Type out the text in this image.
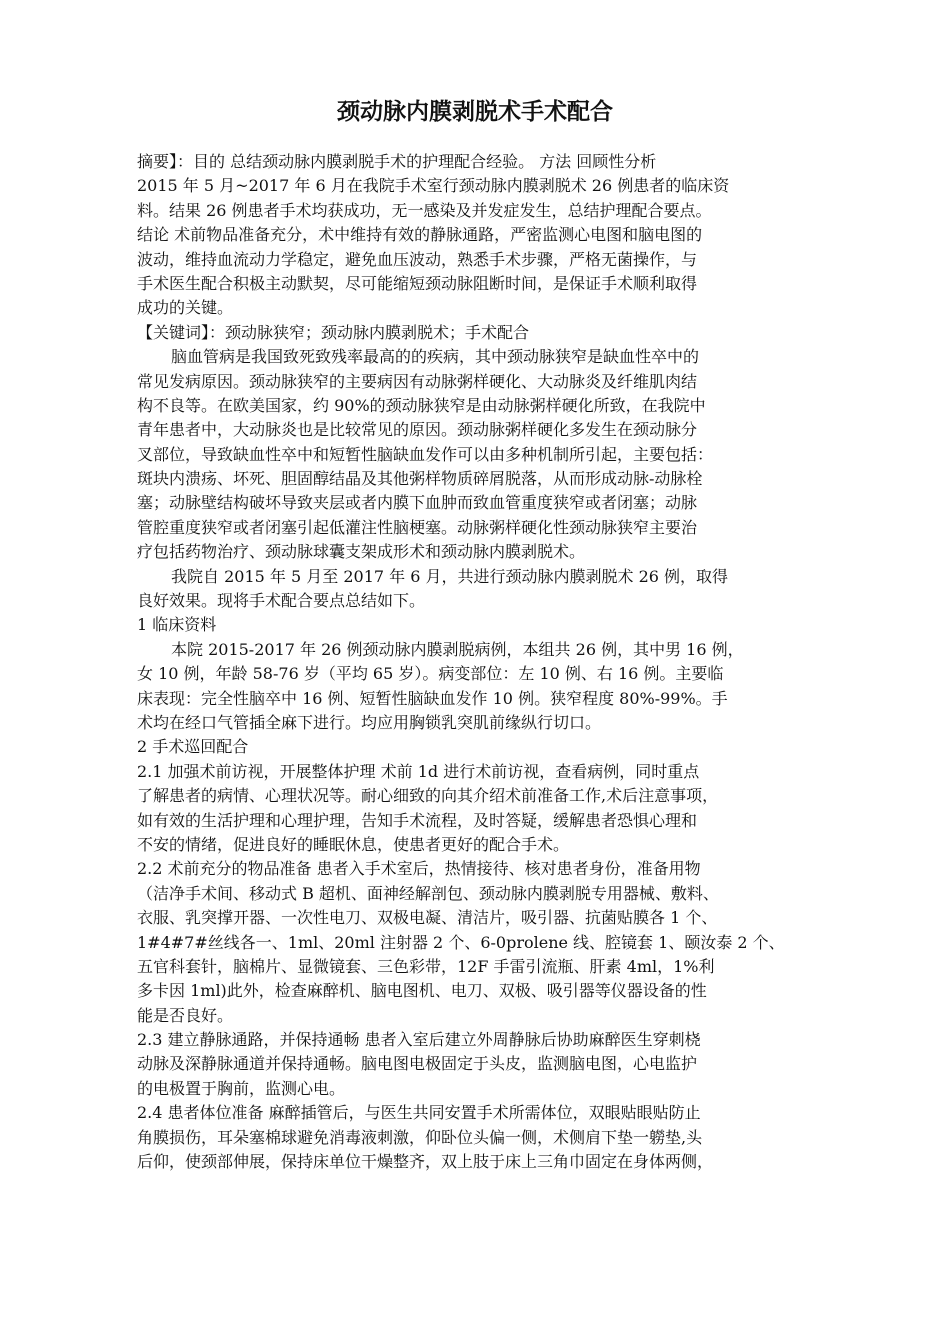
颈动脉内膜剥脱术手术配合
摘要】：目的 总结颈动脉内膜剥脱手术的护理配合经验。 方法 回顾性分析
2015 年 5 月~2017 年 6 月在我院手术室行颈动脉内膜剥脱术 26 例患者的临床资
料。结果 26 例患者手术均获成功，无一感染及并发症发生，总结护理配合要点。
结论 术前物品准备充分，术中维持有效的静脉通路，严密监测心电图和脑电图的
波动，维持血流动力学稳定，避免血压波动，熟悉手术步骤，严格无菌操作，与
手术医生配合积极主动默契，尽可能缩短颈动脉阻断时间，是保证手术顺利取得
成功的关键。
【关键词】：颈动脉狭窄；颈动脉内膜剥脱术；手术配合
脑血管病是我国致死致残率最高的的疾病，其中颈动脉狭窄是缺血性卒中的
常见发病原因。颈动脉狭窄的主要病因有动脉粥样硬化、大动脉炎及纤维肌肉结
构不良等。在欧美国家，约 90%的颈动脉狭窄是由动脉粥样硬化所致，在我院中
青年患者中，大动脉炎也是比较常见的原因。颈动脉粥样硬化多发生在颈动脉分
叉部位，导致缺血性卒中和短暂性脑缺血发作可以由多种机制所引起，主要包括：
斑块内溃疡、坏死、胆固醇结晶及其他粥样物质碎屑脱落，从而形成动脉-动脉栓
塞；动脉壁结构破坏导致夹层或者内膜下血肿而致血管重度狭窄或者闭塞；动脉
管腔重度狭窄或者闭塞引起低灌注性脑梗塞。动脉粥样硬化性颈动脉狭窄主要治
疗包括药物治疗、颈动脉球囊支架成形术和颈动脉内膜剥脱术。
我院自 2015 年 5 月至 2017 年 6 月，共进行颈动脉内膜剥脱术 26 例，取得
良好效果。现将手术配合要点总结如下。
1 临床资料
本院 2015-2017 年 26 例颈动脉内膜剥脱病例，本组共 26 例，其中男 16 例，
女 10 例，年龄 58-76 岁（平均 65 岁）。病变部位：左 10 例、右 16 例。主要临
床表现：完全性脑卒中 16 例、短暂性脑缺血发作 10 例。狭窄程度 80%-99%。手
术均在经口气管插全麻下进行。均应用胸锁乳突肌前缘纵行切口。
2 手术巡回配合
2.1 加强术前访视，开展整体护理 术前 1d 进行术前访视，查看病例，同时重点
了解患者的病情、心理状况等。耐心细致的向其介绍术前准备工作,术后注意事项，
如有效的生活护理和心理护理，告知手术流程，及时答疑，缓解患者恐惧心理和
不安的情绪，促进良好的睡眠休息，使患者更好的配合手术。
2.2 术前充分的物品准备 患者入手术室后，热情接待、核对患者身份，准备用物
（洁净手术间、移动式 B 超机、面神经解剖包、颈动脉内膜剥脱专用器械、敷料、
衣服、乳突撑开器、一次性电刀、双极电凝、清洁片，吸引器、抗菌贴膜各 1 个、
1#4#7#丝线各一、1ml、20ml 注射器 2 个、6-0prolene 线、腔镜套 1、颐汝泰 2 个、
五官科套针，脑棉片、显微镜套、三色彩带，12F 手雷引流瓶、肝素 4ml，1%利
多卡因 1ml)此外，检查麻醉机、脑电图机、电刀、双极、吸引器等仪器设备的性
能是否良好。
2.3 建立静脉通路，并保持通畅 患者入室后建立外周静脉后协助麻醉医生穿刺桡
动脉及深静脉通道并保持通畅。脑电图电极固定于头皮，监测脑电图，心电监护
的电极置于胸前，监测心电。
2.4 患者体位准备 麻醉插管后，与医生共同安置手术所需体位，双眼贴眼贴防止
角膜损伤，耳朵塞棉球避免消毒液刺激，仰卧位头偏一侧，术侧肩下垫一軂垫,头
后仰，使颈部伸展，保持床单位干燥整齐，双上肢于床上三角巾固定在身体两侧，
